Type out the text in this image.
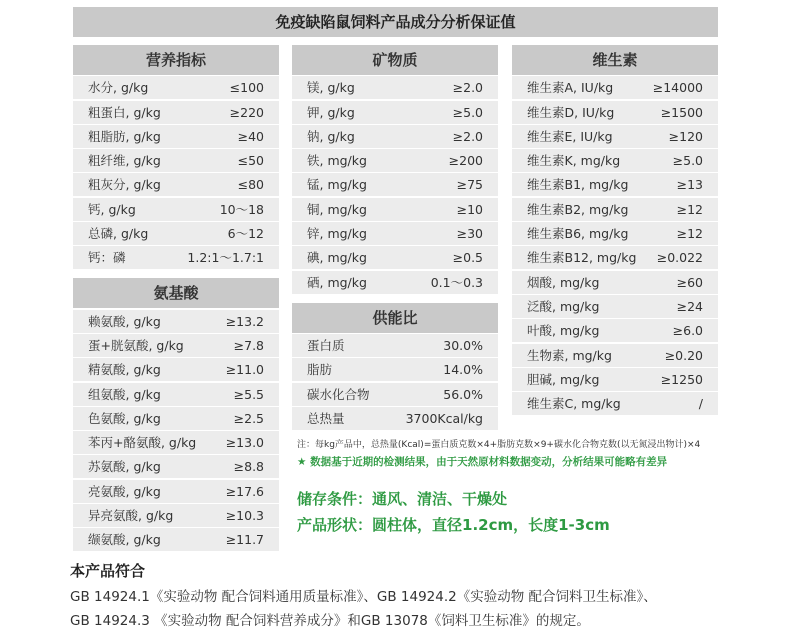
免疫缺陷鼠饲料产品成分分析保证值
营养指标
水分, g/kg	≤100
粗蛋白, g/kg	≥220
粗脂肪, g/kg	≥40
粗纤维, g/kg	≤50
粗灰分, g/kg	≤80
钙, g/kg	10～18
总磷, g/kg	6～12
钙：磷	1.2:1～1.7:1
氨基酸
赖氨酸, g/kg	≥13.2
蛋+胱氨酸, g/kg	≥7.8
精氨酸, g/kg	≥11.0
组氨酸, g/kg	≥5.5
色氨酸, g/kg	≥2.5
苯丙+酪氨酸, g/kg ≥13.0
苏氨酸, g/kg	≥8.8
亮氨酸, g/kg	≥17.6
异亮氨酸, g/kg	≥10.3
缬氨酸, g/kg	≥11.7
矿物质
镁, g/kg	≥2.0
钾, g/kg	≥5.0
钠, g/kg	≥2.0
铁, mg/kg	≥200
锰, mg/kg	≥75
铜, mg/kg	≥10
锌, mg/kg	≥30
碘, mg/kg	≥0.5
硒, mg/kg	0.1～0.3
供能比
蛋白质	30.0%
脂肪	14.0%
碳水化合物	56.0%
总热量	3700Kcal/kg
维生素
维生素A, IU/kg	≥14000
维生素D, IU/kg	≥1500
维生素E, IU/kg	≥120
维生素K, mg/kg	≥5.0
维生素B1, mg/kg	≥13
维生素B2, mg/kg	≥12
维生素B6, mg/kg	≥12
维生素B12, mg/kg ≥0.022
烟酸, mg/kg	≥60
泛酸, mg/kg	≥24
叶酸, mg/kg	≥6.0
生物素, mg/kg	≥0.20
胆碱, mg/kg	≥1250
维生素C, mg/kg	/
注：每kg产品中，总热量(Kcal)=蛋白质克数×4+脂肪克数×9+碳水化合物克数(以无氮浸出物计)×4
★ 数据基于近期的检测结果，由于天然原材料数据变动，分析结果可能略有差异
储存条件：通风、清洁、干燥处
产品形状：圆柱体，直径1.2cm，长度1-3cm
本产品符合
GB 14924.1《实验动物 配合饲料通用质量标准》、GB 14924.2《实验动物 配合饲料卫生标准》、
GB 14924.3 《实验动物 配合饲料营养成分》和GB 13078《饲料卫生标准》的规定。
